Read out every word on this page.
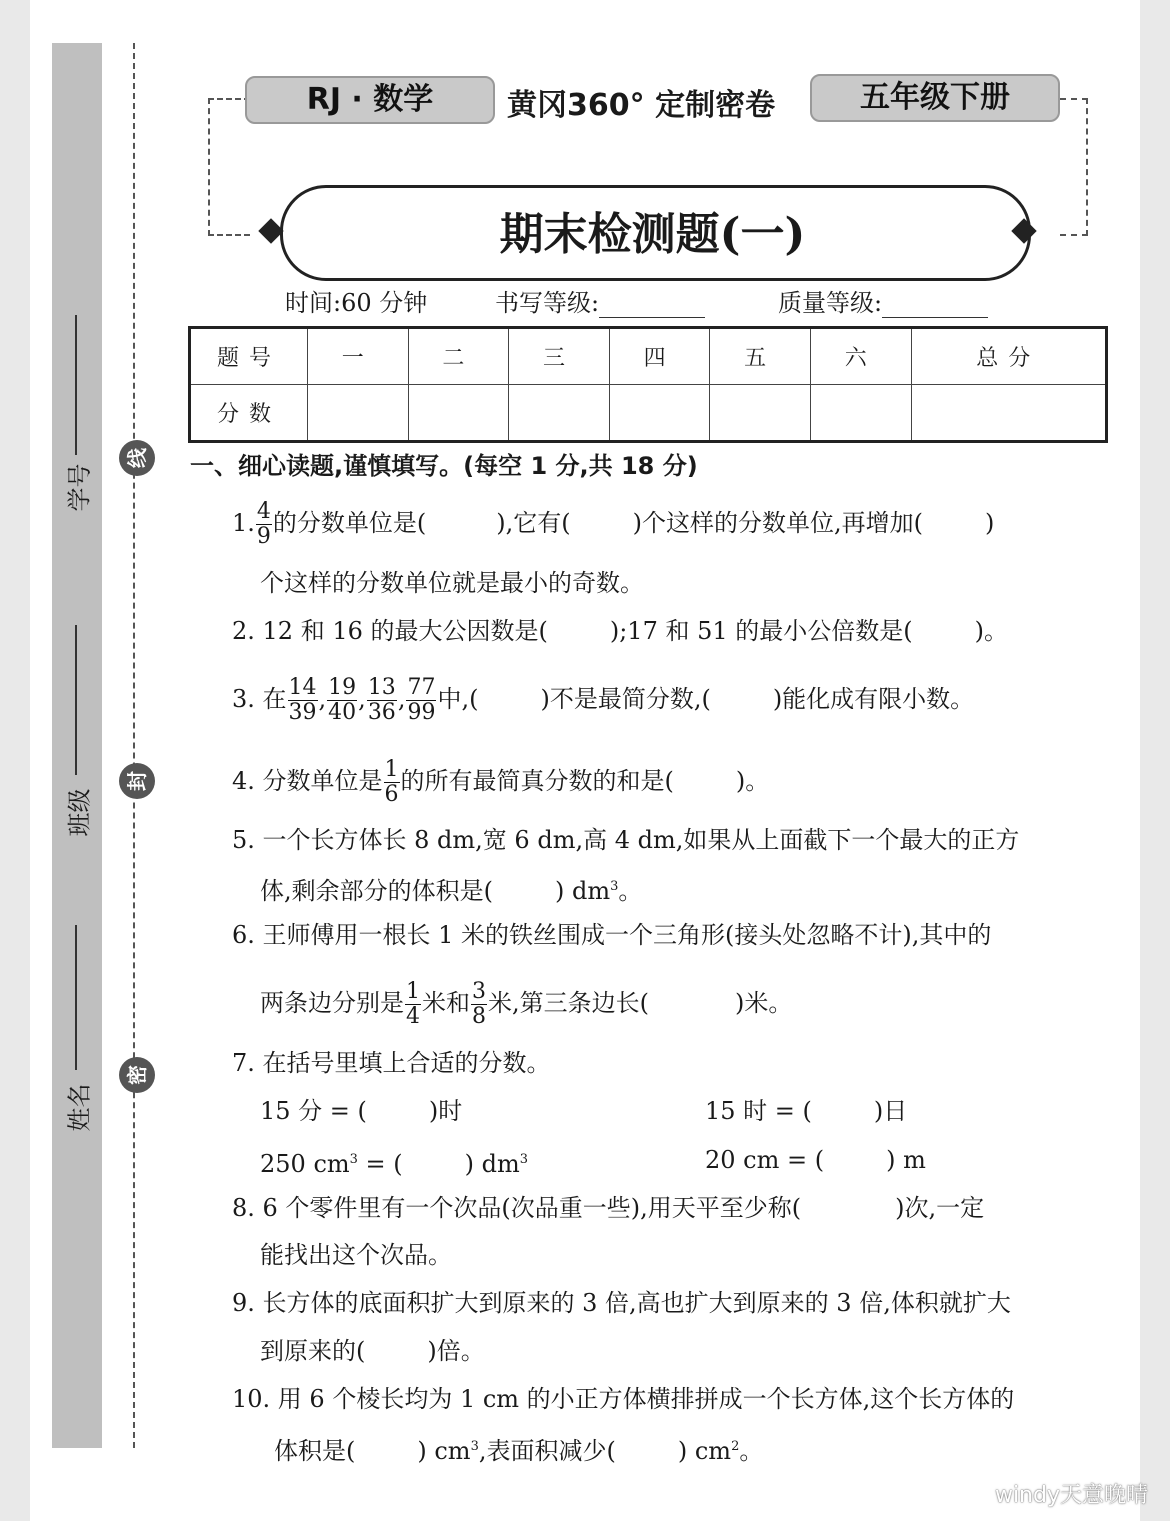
学号
班级
姓名
线
封
密
RJ · 数学	黄冈360° 定制密卷	五年级下册
期末检测题(一)
时间:60 分钟	书写等级:	质量等级:
题号	一	二	三	四	五	六	总分
分数							
一、细心读题,谨慎填写。(每空 1 分,共 18 分)
1. $\frac{4}{9}$ 的分数单位是(	),它有(	)个这样的分数单位,再增加(	)
个这样的分数单位就是最小的奇数。
2. 12 和 16 的最大公因数是(	);17 和 51 的最小公倍数是(	)。
3. 在 $\frac{14}{39}$ , $\frac{19}{40}$ , $\frac{13}{36}$ , $\frac{77}{99}$ 中,(	)不是最简分数,(	)能化成有限小数。
4. 分数单位是 $\frac{1}{6}$ 的所有最简真分数的和是(	)。
5. 一个长方体长 8 dm,宽 6 dm,高 4 dm,如果从上面截下一个最大的正方
体,剩余部分的体积是(	) $dm^3$。
6. 王师傅用一根长 1 米的铁丝围成一个三角形(接头处忽略不计),其中的
两条边分别是 $\frac{1}{4}$ 米和 $\frac{3}{8}$ 米,第三条边长(	)米。
7. 在括号里填上合适的分数。
15 分 = (	)时	15 时 = (	)日
250 $cm^3$ = (	) $dm^3$	20 cm = (	) m
8. 6 个零件里有一个次品(次品重一些),用天平至少称(	)次,一定
能找出这个次品。
9. 长方体的底面积扩大到原来的 3 倍,高也扩大到原来的 3 倍,体积就扩大
到原来的(	)倍。
10. 用 6 个棱长均为 1 cm 的小正方体横排拼成一个长方体,这个长方体的
体积是(	) $cm^3$,表面积减少(	) $cm^2$。
windy天意晚晴
